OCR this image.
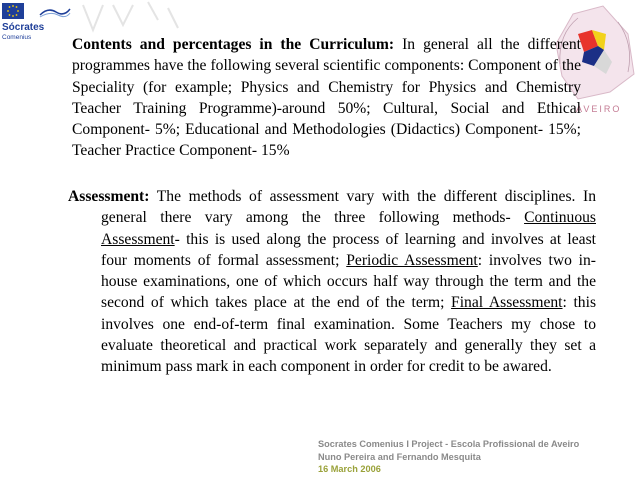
Sócrates
Comenius
AVEIRO

Contents and percentages in the Curriculum: In general all the different programmes have the following several scientific components: Component of the Speciality (for example; Physics and Chemistry for Physics and Chemistry Teacher Training Programme)-around 50%; Cultural, Social and Ethical Component- 5%; Educational and Methodologies (Didactics) Component- 15%; Teacher Practice Component- 15%

Assessment: The methods of assessment vary with the different disciplines. In general there vary among the three following methods- Continuous Assessment- this is used along the process of learning and involves at least four moments of formal assessment; Periodic Assessment: involves two in-house examinations, one of which occurs half way through the term and the second of which takes place at the end of the term; Final Assessment: this involves one end-of-term final examination. Some Teachers my chose to evaluate theoretical and practical work separately and generally they set a minimum pass mark in each component in order for credit to be awared.

Socrates Comenius I Project - Escola Profissional de Aveiro
Nuno Pereira and Fernando Mesquita
16 March 2006
